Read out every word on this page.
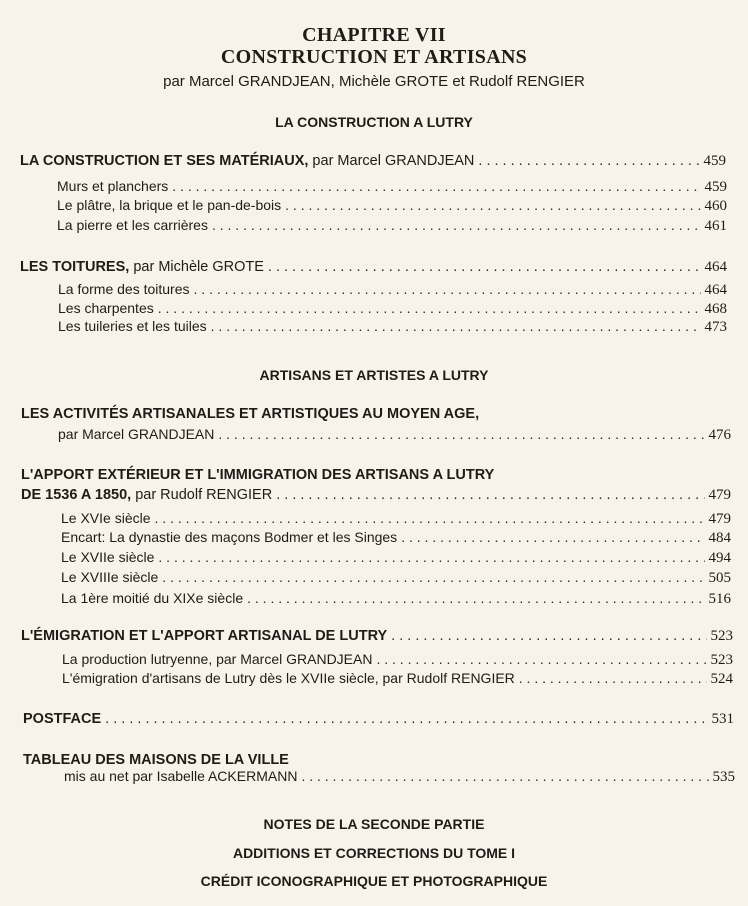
CHAPITRE VII
CONSTRUCTION ET ARTISANS
par Marcel GRANDJEAN, Michèle GROTE et Rudolf RENGIER
LA CONSTRUCTION A LUTRY
LA CONSTRUCTION ET SES MATÉRIAUX, par Marcel GRANDJEAN . . .	459
Murs et planchers . . .	459
Le plâtre, la brique et le pan-de-bois . . .	460
La pierre et les carrières . . .	461
LES TOITURES, par Michèle GROTE . . .	464
La forme des toitures . . .	464
Les charpentes . . .	468
Les tuileries et les tuiles . . .	473
ARTISANS ET ARTISTES A LUTRY
LES ACTIVITÉS ARTISANALES ET ARTISTIQUES AU MOYEN AGE,
par Marcel GRANDJEAN . . .	476
L'APPORT EXTÉRIEUR ET L'IMMIGRATION DES ARTISANS A LUTRY
DE 1536 A 1850, par Rudolf RENGIER . . .	479
Le XVIe siècle . . .	479
Encart: La dynastie des maçons Bodmer et les Singes . . .	484
Le XVIIe siècle . . .	494
Le XVIIIe siècle . . .	505
La 1ère moitié du XIXe siècle . . .	516
L'ÉMIGRATION ET L'APPORT ARTISANAL DE LUTRY . . .	523
La production lutryenne, par Marcel GRANDJEAN . . .	523
L'émigration d'artisans de Lutry dès le XVIIe siècle, par Rudolf RENGIER . . .	524
POSTFACE . . .	531
TABLEAU DES MAISONS DE LA VILLE
mis au net par Isabelle ACKERMANN . . .	535
NOTES DE LA SECONDE PARTIE
ADDITIONS ET CORRECTIONS DU TOME I
CRÉDIT ICONOGRAPHIQUE ET PHOTOGRAPHIQUE
